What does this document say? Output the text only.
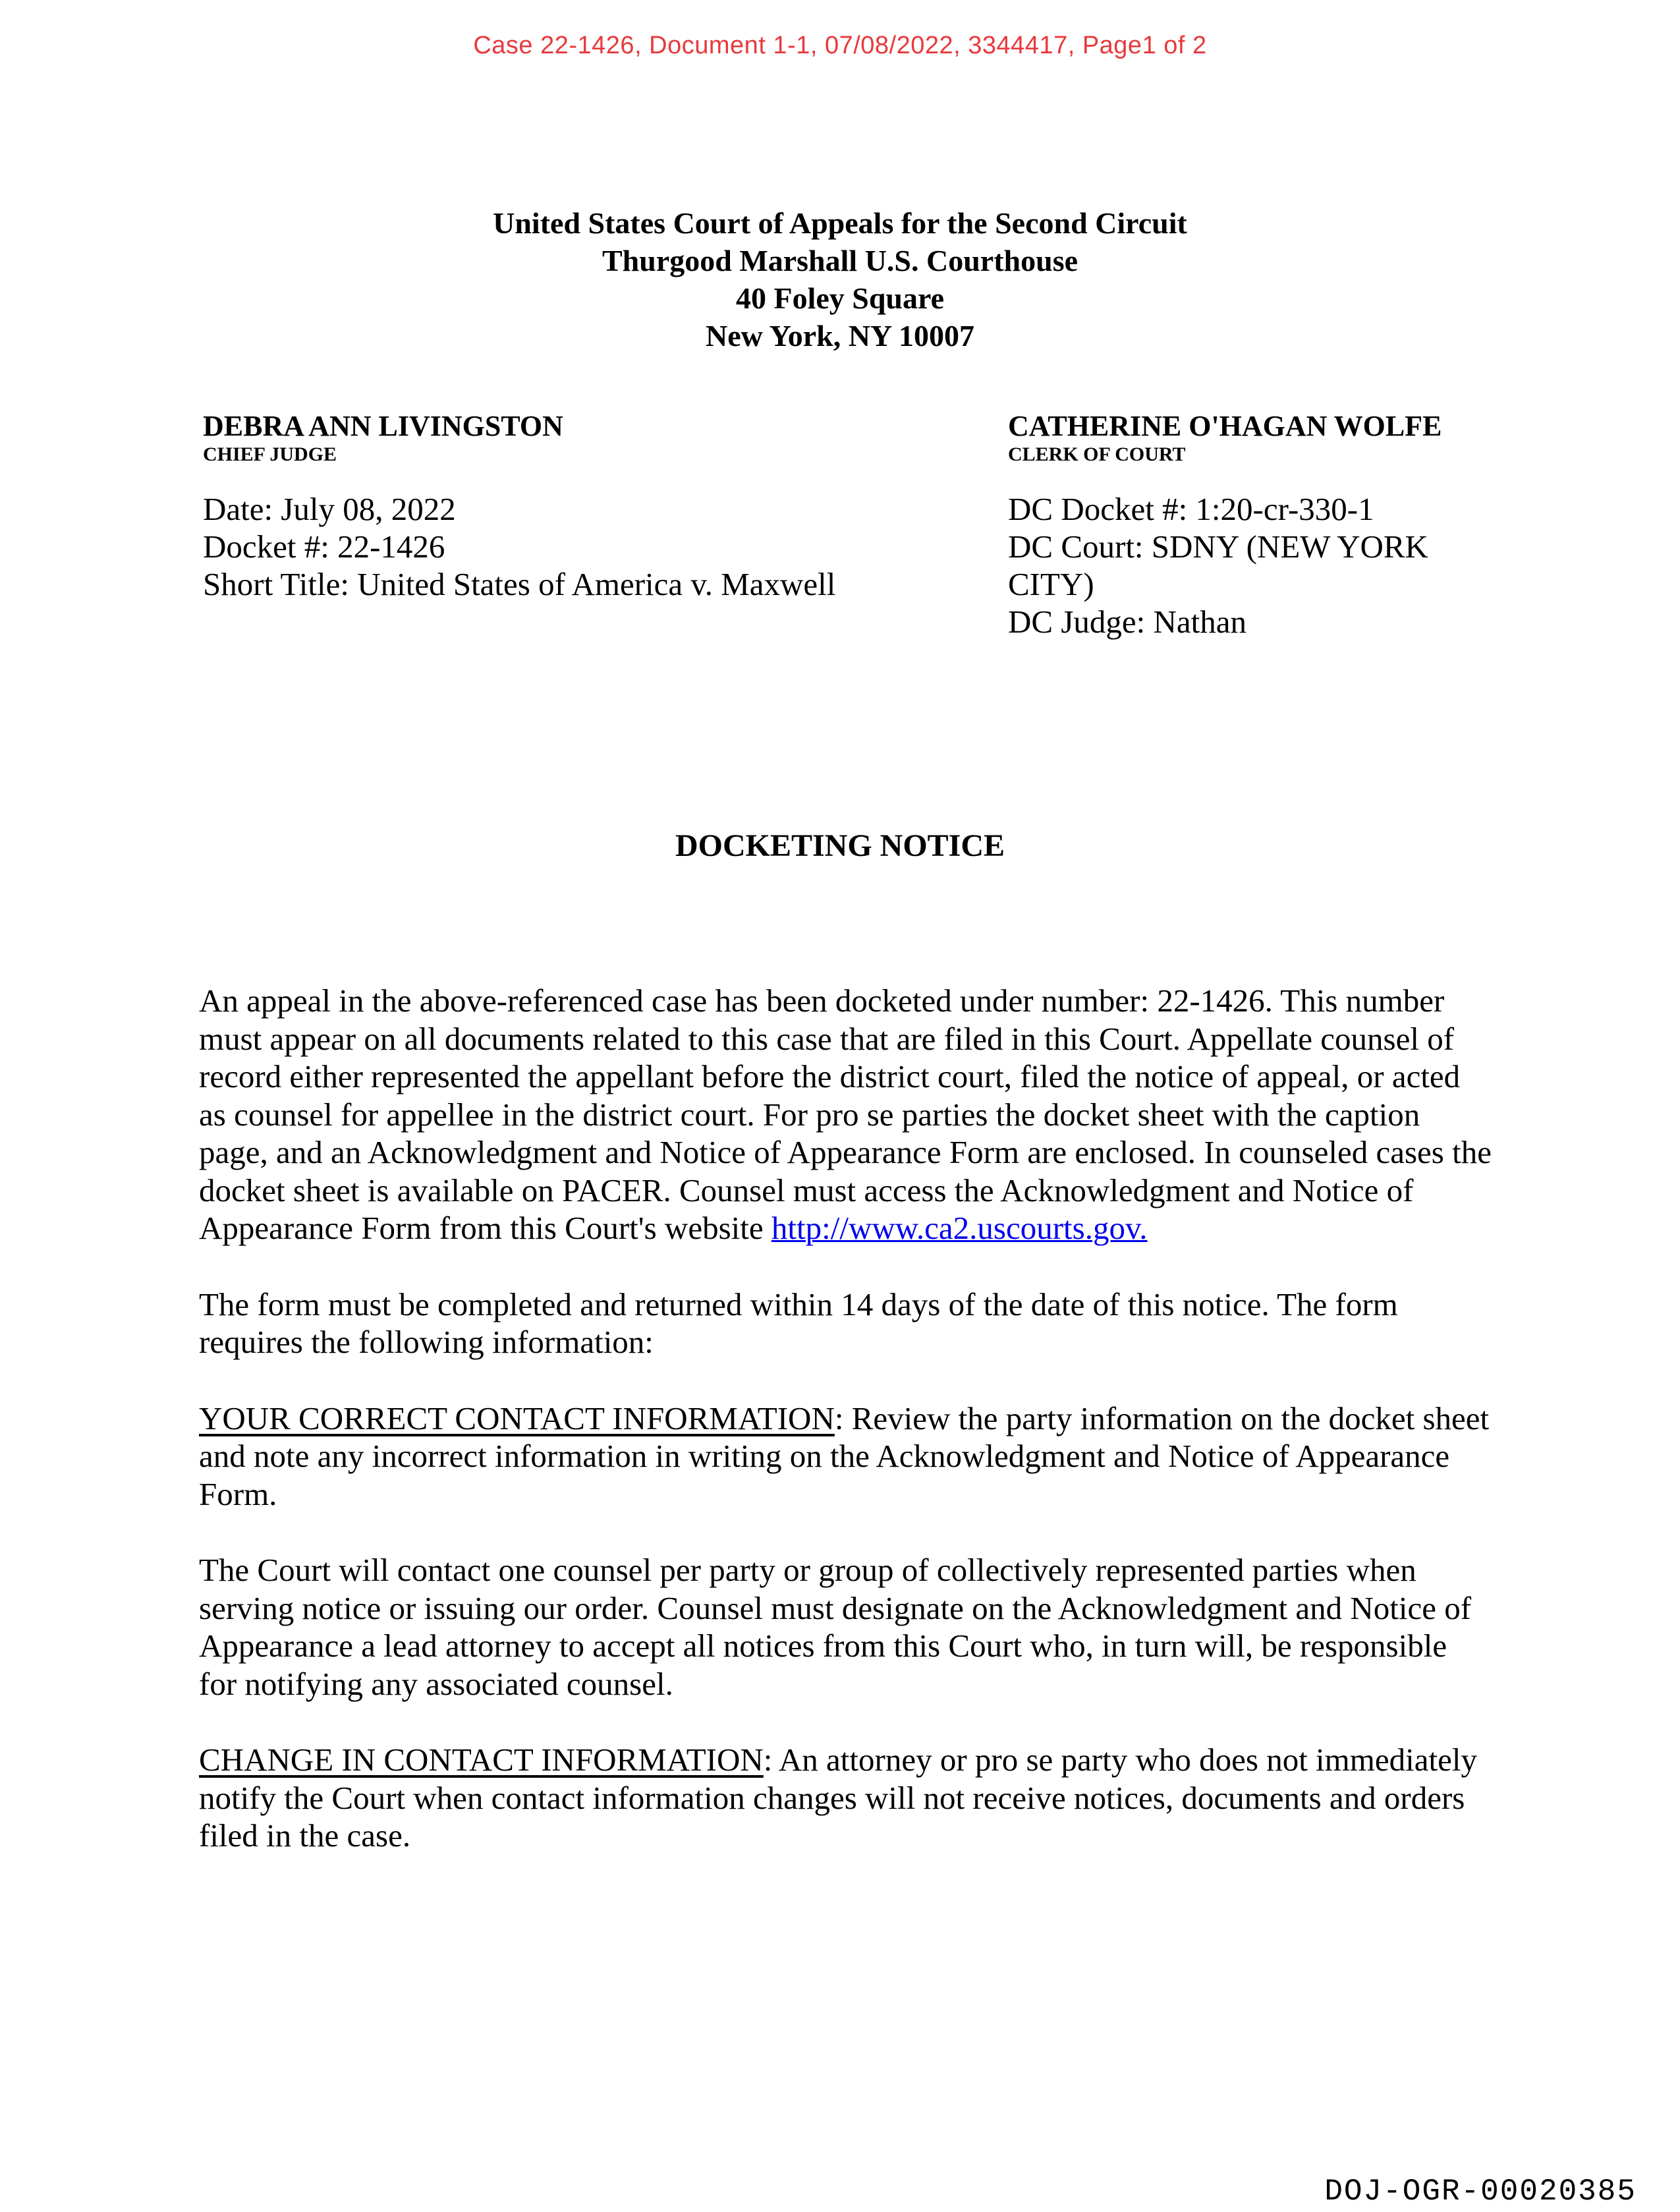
Case 22-1426, Document 1-1, 07/08/2022, 3344417, Page1 of 2
United States Court of Appeals for the Second Circuit
Thurgood Marshall U.S. Courthouse
40 Foley Square
New York, NY 10007
DEBRA ANN LIVINGSTON
CHIEF JUDGE
Date: July 08, 2022
Docket #: 22-1426
Short Title: United States of America v. Maxwell
CATHERINE O'HAGAN WOLFE
CLERK OF COURT
DC Docket #: 1:20-cr-330-1
DC Court: SDNY (NEW YORK CITY)
DC Judge: Nathan
DOCKETING NOTICE

An appeal in the above-referenced case has been docketed under number: 22-1426. This number must appear on all documents related to this case that are filed in this Court. Appellate counsel of record either represented the appellant before the district court, filed the notice of appeal, or acted as counsel for appellee in the district court. For pro se parties the docket sheet with the caption page, and an Acknowledgment and Notice of Appearance Form are enclosed. In counseled cases the docket sheet is available on PACER. Counsel must access the Acknowledgment and Notice of Appearance Form from this Court's website http://www.ca2.uscourts.gov.

The form must be completed and returned within 14 days of the date of this notice. The form requires the following information:

YOUR CORRECT CONTACT INFORMATION: Review the party information on the docket sheet and note any incorrect information in writing on the Acknowledgment and Notice of Appearance Form.

The Court will contact one counsel per party or group of collectively represented parties when serving notice or issuing our order. Counsel must designate on the Acknowledgment and Notice of Appearance a lead attorney to accept all notices from this Court who, in turn will, be responsible for notifying any associated counsel.

CHANGE IN CONTACT INFORMATION: An attorney or pro se party who does not immediately notify the Court when contact information changes will not receive notices, documents and orders filed in the case.

DOJ-OGR-00020385
